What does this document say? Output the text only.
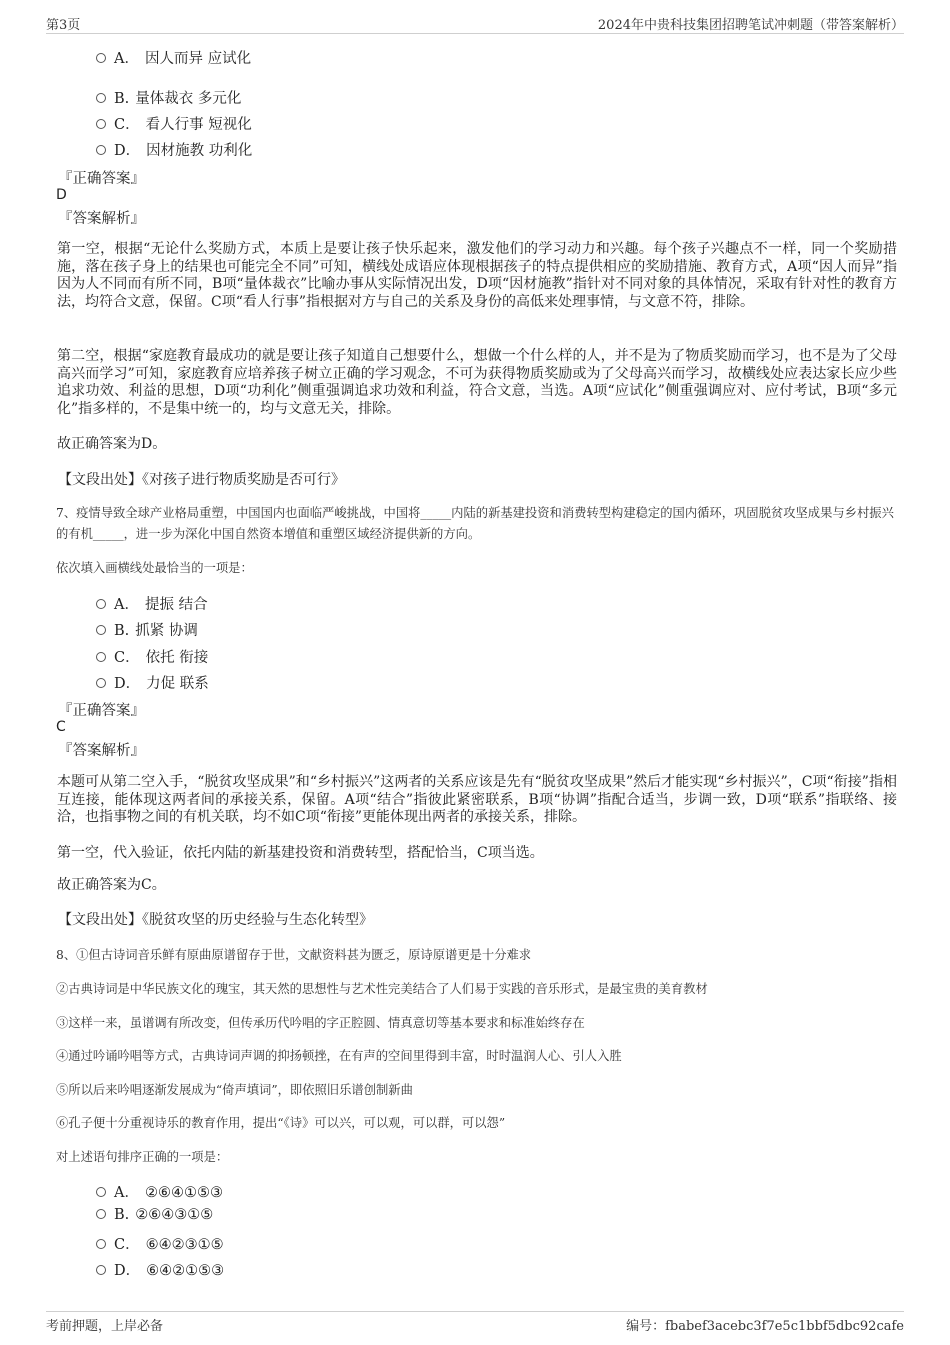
第3页	2024年中贵科技集团招聘笔试冲刺题（带答案解析）
A． 因人而异 应试化
B. 量体裁衣 多元化
C． 看人行事 短视化
D． 因材施教 功利化
『正确答案』
D
『答案解析』
第一空，根据“无论什么奖励方式，本质上是要让孩子快乐起来，激发他们的学习动力和兴趣。每个孩子兴趣点不一样，同一个奖励措施，落在孩子身上的结果也可能完全不同”可知，横线处成语应体现根据孩子的特点提供相应的奖励措施、教育方式，A项“因人而异”指因为人不同而有所不同，B项“量体裁衣”比喻办事从实际情况出发，D项“因材施教”指针对不同对象的具体情况，采取有针对性的教育方法，均符合文意，保留。C项“看人行事”指根据对方与自己的关系及身份的高低来处理事情，与文意不符，排除。
第二空，根据“家庭教育最成功的就是要让孩子知道自己想要什么，想做一个什么样的人，并不是为了物质奖励而学习，也不是为了父母高兴而学习”可知，家庭教育应培养孩子树立正确的学习观念，不可为获得物质奖励或为了父母高兴而学习，故横线处应表达家长应少些追求功效、利益的思想，D项“功利化”侧重强调追求功效和利益，符合文意，当选。A项“应试化”侧重强调应对、应付考试，B项“多元化”指多样的，不是集中统一的，均与文意无关，排除。
故正确答案为D。
【文段出处】《对孩子进行物质奖励是否可行》
7、疫情导致全球产业格局重塑，中国国内也面临严峻挑战，中国将_____内陆的新基建投资和消费转型构建稳定的国内循环，巩固脱贫攻坚成果与乡村振兴的有机_____，进一步为深化中国自然资本增值和重塑区域经济提供新的方向。
依次填入画横线处最恰当的一项是：
A． 提振 结合
B. 抓紧 协调
C． 依托 衔接
D． 力促 联系
『正确答案』
C
『答案解析』
本题可从第二空入手，“脱贫攻坚成果”和“乡村振兴”这两者的关系应该是先有“脱贫攻坚成果”然后才能实现“乡村振兴”，C项“衔接”指相互连接，能体现这两者间的承接关系，保留。A项“结合”指彼此紧密联系，B项“协调”指配合适当，步调一致，D项“联系”指联络、接洽，也指事物之间的有机关联，均不如C项“衔接”更能体现出两者的承接关系，排除。
第一空，代入验证，依托内陆的新基建投资和消费转型，搭配恰当，C项当选。
故正确答案为C。
【文段出处】《脱贫攻坚的历史经验与生态化转型》
8、①但古诗词音乐鲜有原曲原谱留存于世，文献资料甚为匮乏，原诗原谱更是十分难求
②古典诗词是中华民族文化的瑰宝，其天然的思想性与艺术性完美结合了人们易于实践的音乐形式，是最宝贵的美育教材
③这样一来，虽谱调有所改变，但传承历代吟唱的字正腔圆、情真意切等基本要求和标准始终存在
④通过吟诵吟唱等方式，古典诗词声调的抑扬顿挫，在有声的空间里得到丰富，时时温润人心、引人入胜
⑤所以后来吟唱逐渐发展成为“倚声填词”，即依照旧乐谱创制新曲
⑥孔子便十分重视诗乐的教育作用，提出“《诗》可以兴，可以观，可以群，可以怨”
对上述语句排序正确的一项是：
A． ②⑥④①⑤③
B. ②⑥④③①⑤
C． ⑥④②③①⑤
D． ⑥④②①⑤③
考前押题，上岸必备	编号：fbabef3acebc3f7e5c1bbf5dbc92cafe
